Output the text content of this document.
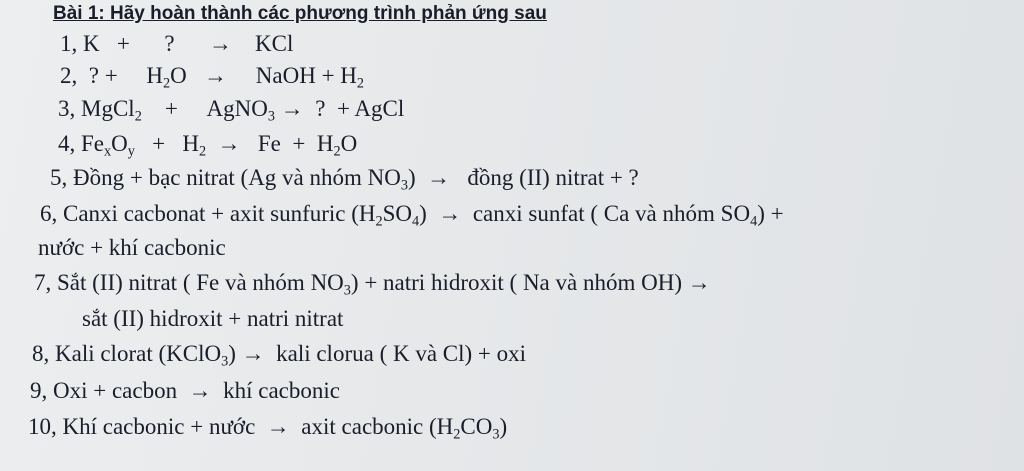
Bài 1: Hãy hoàn thành các phương trình phản ứng sau
1, K   +      ?      →    KCl
2,  ? +     $H_2O$   →     NaOH + $H_2$
3, MgCl$_2$    +     AgNO$_3$ →  ?  + AgCl
4, $Fe_xO_y + H_2 \to Fe + H_2O$
5, Đồng + bạc nitrat (Ag và nhóm $NO_3$)  →   đồng (II) nitrat + ?
6, Canxi cacbonat + axit sunfuric $(H_2SO_4)$  →  canxi sunfat ( Ca và nhóm $SO_4$) +
nước + khí cacbonic
7, Sắt (II) nitrat ( Fe và nhóm $NO_3$) + natri hidroxit ( Na và nhóm OH) →
sắt (II) hidroxit + natri nitrat
8, Kali clorat (KClO$_3$) →  kali clorua ( K và Cl) + oxi
9, Oxi + cacbon  →  khí cacbonic
10, Khí cacbonic + nước  →  axit cacbonic $(H_2CO_3)$
